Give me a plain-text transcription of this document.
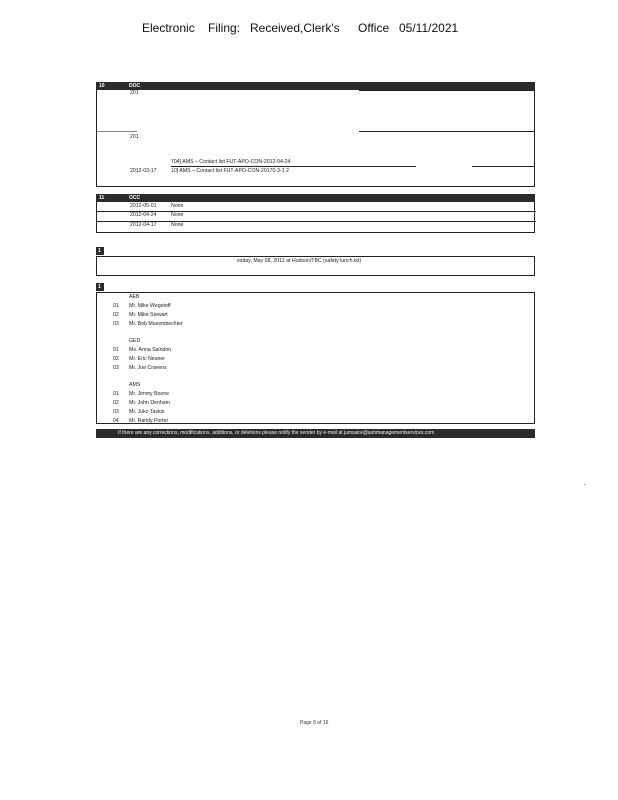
Electronic Filing: Received,Clerk's Office 05/11/2021
10	DOC
201
201
704] AMS – Contact list FUT-APO-CON-2012-04-24
2012-03-17	10] AMS – Contact list FUT-APO-CON-20170-3-1 2
11	OCC
2012-05-01	None
2012-04-24	None
2012-04-17	None
1
esday, May 08, 2012 at Hudson/TBC (safety lunch.txt)
1
AEB
01 Mr. Mike Wegetoff
02 Mr. Mike Stewart
03 Mr. Bob Muesmbechter
GED
01 Ms. Anna Saindon
02 Mr. Eric Neuner
03 Mr. Joe Cravens
AMS
01 Mr. Jimmy Boone
02 Mr. John Denham
03 Mr. Juko Taskis
04 Mr. Randy Porter
If there are any corrections, modifications, additions, or deletions please notify the sender by e-mail at jumsaire@ashmanagementservices.com
Page 6 of 16
